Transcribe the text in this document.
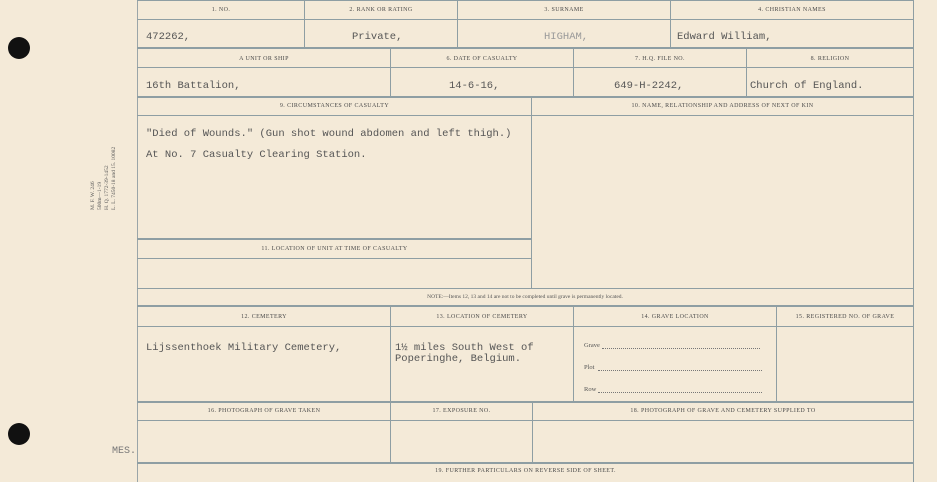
M. F. W. 246 500m—1-19 H. Q. 1772-39-1452 L. L. 7450-18 and 15. 10082
MES.
1. NO.	2. RANK OR RATING	3. SURNAME	4. CHRISTIAN NAMES
472262,	Private,	HIGHAM,	Edward William,
A UNIT OR SHIP	6. DATE OF CASUALTY	7. H.Q. FILE NO.	8. RELIGION
16th Battalion,	14-6-16,	649-H-2242,	Church of England.
9. CIRCUMSTANCES OF CASUALTY	10. NAME, RELATIONSHIP AND ADDRESS OF NEXT OF KIN
"Died of Wounds." (Gun shot wound abdomen and left thigh.)
At No. 7 Casualty Clearing Station.
11. LOCATION OF UNIT AT TIME OF CASUALTY
NOTE:—Items 12, 13 and 14 are not to be completed until grave is permanently located.
12. CEMETERY	13. LOCATION OF CEMETERY	14. GRAVE LOCATION	15. REGISTERED NO. OF GRAVE
Lijssenthoek Military Cemetery,	1½ miles South West of
Poperinghe, Belgium.
Grave
Plot
Row
16. PHOTOGRAPH OF GRAVE TAKEN	17. EXPOSURE NO.	18. PHOTOGRAPH OF GRAVE AND CEMETERY SUPPLIED TO
19. FURTHER PARTICULARS ON REVERSE SIDE OF SHEET.
